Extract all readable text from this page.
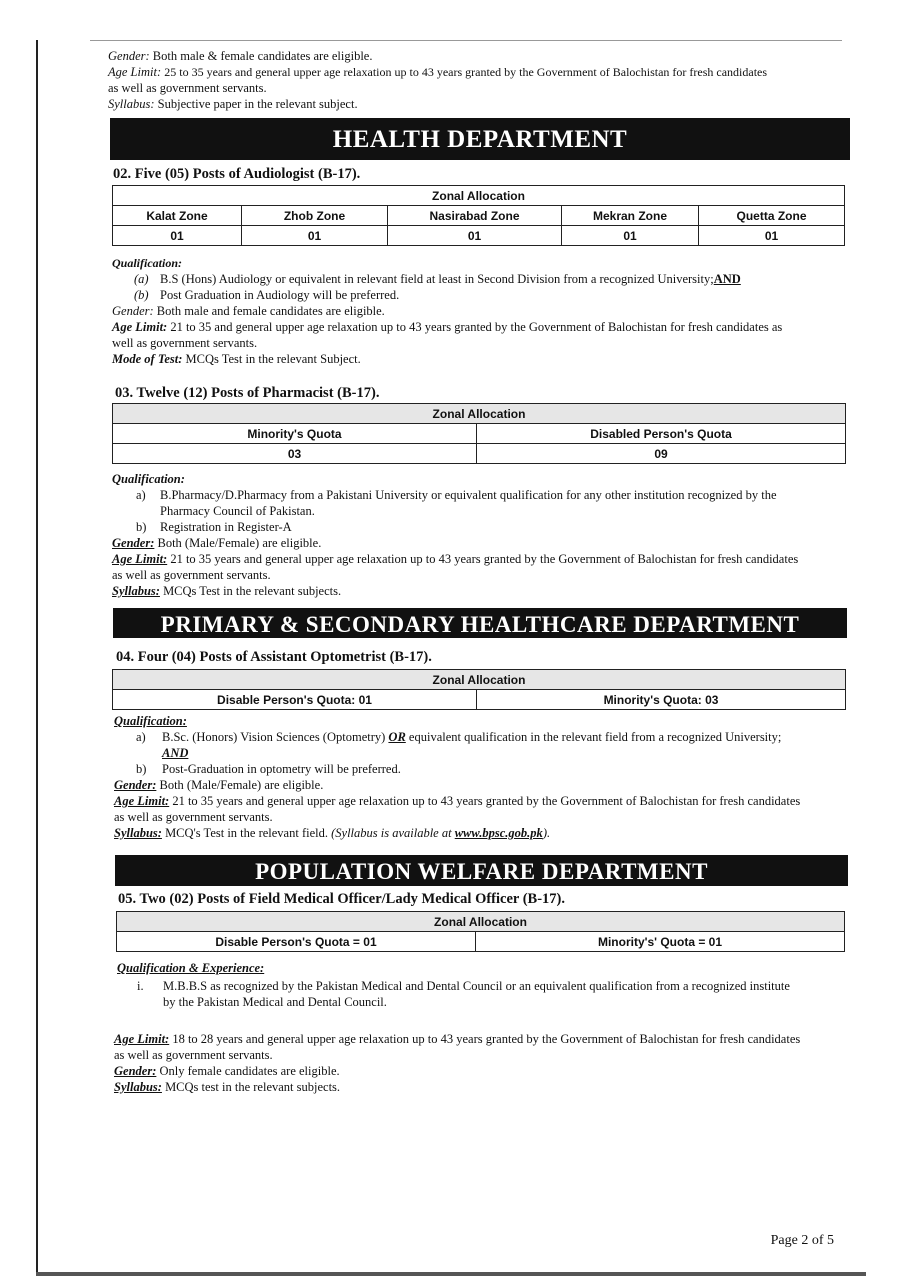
Gender: Both male & female candidates are eligible.
Age Limit: 25 to 35 years and general upper age relaxation up to 43 years granted by the Government of Balochistan for fresh candidates
as well as government servants.
Syllabus: Subjective paper in the relevant subject.
HEALTH DEPARTMENT
02. Five (05) Posts of Audiologist (B-17).
Zonal Allocation				
Kalat Zone	Zhob Zone	Nasirabad Zone	Mekran Zone	Quetta Zone
01	01	01	01	01
Qualification:
(a) B.S (Hons) Audiology or equivalent in relevant field at least in Second Division from a recognized University;AND
(b) Post Graduation in Audiology will be preferred.
Gender: Both male and female candidates are eligible.
Age Limit: 21 to 35 and general upper age relaxation up to 43 years granted by the Government of Balochistan for fresh candidates as
well as government servants.
Mode of Test: MCQs Test in the relevant Subject.
03. Twelve (12) Posts of Pharmacist (B-17).
Zonal Allocation	
Minority's Quota	Disabled Person's Quota
03	09
Qualification:
a) B.Pharmacy/D.Pharmacy from a Pakistani University or equivalent qualification for any other institution recognized by the
Pharmacy Council of Pakistan.
b) Registration in Register-A
Gender: Both (Male/Female) are eligible.
Age Limit: 21 to 35 years and general upper age relaxation up to 43 years granted by the Government of Balochistan for fresh candidates
as well as government servants.
Syllabus: MCQs Test in the relevant subjects.
PRIMARY & SECONDARY HEALTHCARE DEPARTMENT
04. Four (04) Posts of Assistant Optometrist (B-17).
Zonal Allocation
Disable Person's Quota: 01	Minority's Quota: 03
Qualification:
a) B.Sc. (Honors) Vision Sciences (Optometry) OR equivalent qualification in the relevant field from a recognized University;
AND
b) Post-Graduation in optometry will be preferred.
Gender: Both (Male/Female) are eligible.
Age Limit: 21 to 35 years and general upper age relaxation up to 43 years granted by the Government of Balochistan for fresh candidates
as well as government servants.
Syllabus: MCQ's Test in the relevant field. (Syllabus is available at www.bpsc.gob.pk).
POPULATION WELFARE DEPARTMENT
05. Two (02) Posts of Field Medical Officer/Lady Medical Officer (B-17).
Zonal Allocation
Disable Person's Quota = 01	Minority's' Quota = 01
Qualification & Experience:
i. M.B.B.S as recognized by the Pakistan Medical and Dental Council or an equivalent qualification from a recognized institute
by the Pakistan Medical and Dental Council.
Age Limit: 18 to 28 years and general upper age relaxation up to 43 years granted by the Government of Balochistan for fresh candidates
as well as government servants.
Gender: Only female candidates are eligible.
Syllabus: MCQs test in the relevant subjects.
Page 2 of 5
